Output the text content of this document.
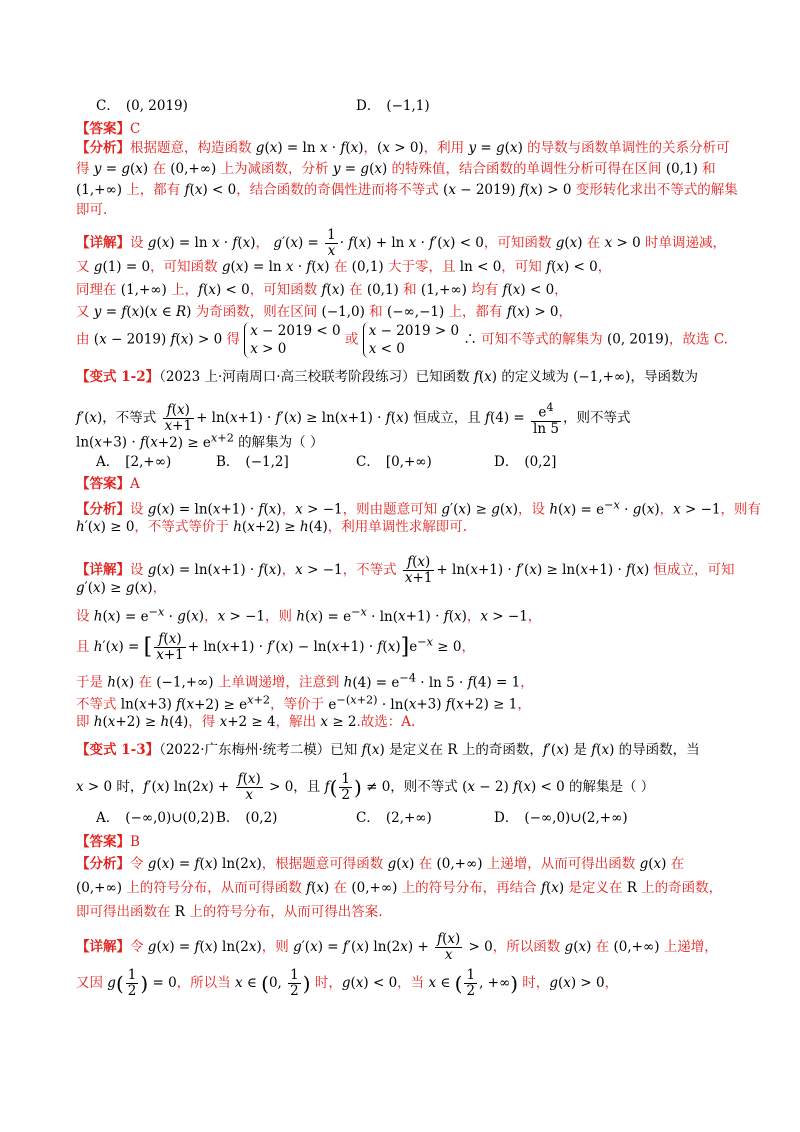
C． (0, 2019)	D． (−1,1)
【答案】C
【分析】根据题意，构造函数 g(x) = ln x · f(x)，(x > 0)，利用 y = g(x) 的导数与函数单调性的关系分析可
得 y = g(x) 在 (0,+∞) 上为减函数，分析 y = g(x) 的特殊值，结合函数的单调性分析可得在区间 (0,1) 和
(1,+∞) 上，都有 f(x) < 0，结合函数的奇偶性进而将不等式 (x − 2019) f(x) > 0 变形转化求出不等式的解集
即可.
【详解】设 g(x) = ln x · f(x)， $g'(x) = \frac{1}{x} \cdot f(x) + \ln x \cdot f'(x) < 0$，可知函数 g(x) 在 x > 0 时单调递减，
又 g(1) = 0，可知函数 g(x) = ln x · f(x) 在 (0,1) 大于零，且 ln < 0，可知 f(x) < 0，
同理在 (1,+∞) 上，f(x) < 0，可知函数 f(x) 在 (0,1) 和 (1,+∞) 均有 f(x) < 0，
又 y = f(x)(x ∈ R) 为奇函数，则在区间 (−1,0) 和 (−∞,−1) 上，都有 f(x) > 0，
由 (x − 2019) f(x) > 0 得 x − 2019 < 0
x > 0 或 x − 2019 > 0
x < 0 ∴ 可知不等式的解集为 (0, 2019)，故选 C.
【变式 1-2】（2023 上·河南周口·高三校联考阶段练习）已知函数 f(x) 的定义域为 (−1,+∞)，导函数为
f′(x)，不等式 $\frac{f(x)}{x+1} + \ln(x+1) \cdot f'(x) \ge \ln(x+1) \cdot f(x)$ 恒成立，且 $f(4) = \frac{e^4}{\ln 5}$ ，则不等式
$\ln(x+3) \cdot f(x+2) \ge e^{x+2}$ 的解集为（ ）
A． [2,+∞)	B． (−1,2]	C． [0,+∞)	D． (0,2]
【答案】A
【分析】设 g(x) = ln(x+1) · f(x)，x > −1，则由题意可知 g′(x) ≥ g(x)，设 $h(x) = e^{-x} \cdot g(x)$，x > −1，则有
h′(x) ≥ 0，不等式等价于 h(x+2) ≥ h(4)，利用单调性求解即可.
【详解】设 g(x) = ln(x+1) · f(x)，x > −1，不等式 $\frac{f(x)}{x+1} + \ln(x+1) \cdot f'(x) \ge \ln(x+1) \cdot f(x)$ 恒成立，可知
g′(x) ≥ g(x)，
设 $h(x) = e^{-x} \cdot g(x)$，x > −1，则 $h(x) = e^{-x} \cdot \ln(x+1) \cdot f(x)$，x > −1，
且 h′(x) = [ $\frac{f(x)}{x+1} + \ln(x+1) \cdot f'(x) - \ln(x+1) \cdot f(x)]e^{-x} \ge 0$，
于是 h(x) 在 (−1,+∞) 上单调递增，注意到 $h(4) = e^{-4} \cdot \ln 5 \cdot f(4) = 1$，
不等式 ln(x+3) $f(x+2) \ge e^{x+2}$，等价于 $e^{-(x+2)} \cdot \ln(x+3) f(x+2) \ge 1$，
即 h(x+2) ≥ h(4)，得 x+2 ≥ 4，解出 x ≥ 2.故选：A.
【变式 1-3】（2022·广东梅州·统考二模）已知 f(x) 是定义在 R 上的奇函数，f′(x) 是 f(x) 的导函数，当
x > 0 时，f′(x) $\ln(2x) + \frac{f(x)}{x} > 0$，且 $f( \frac{1}{2}$ ) ≠ 0，则不等式 (x − 2) f(x) < 0 的解集是（ ）
A． (−∞,0)∪(0,2) B． (0,2)	C． (2,+∞)	D． (−∞,0)∪(2,+∞)
【答案】B
【分析】令 g(x) = f(x) ln(2x)，根据题意可得函数 g(x) 在 (0,+∞) 上递增，从而可得出函数 g(x) 在
(0,+∞) 上的符号分布，从而可得函数 f(x) 在 (0,+∞) 上的符号分布，再结合 f(x) 是定义在 R 上的奇函数，
即可得出函数在 R 上的符号分布，从而可得出答案.
【详解】令 g(x) = f(x) ln(2x)，则 g′(x) = f′(x) $\ln(2x) + \frac{f(x)}{x} > 0$，所以函数 g(x) 在 (0,+∞) 上递增，
又因 $g( \frac{1}{2}$ ) = 0，所以当 x ∈ (0, $\frac{1}{2}$ ) 时，g(x) < 0，当 x ∈ ( $\frac{1}{2}$ , +∞) 时，g(x) > 0，
